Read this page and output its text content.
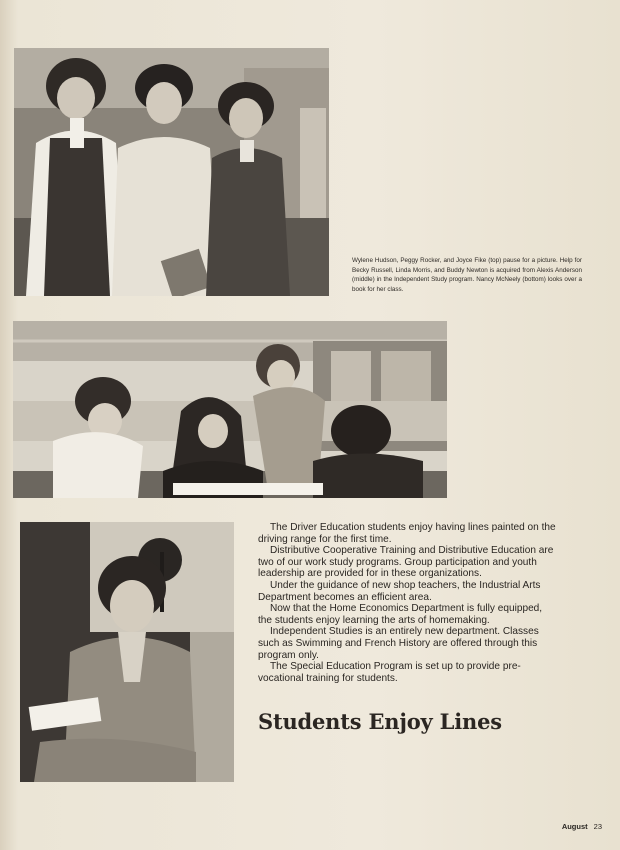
Wylene Hudson, Peggy Rocker, and Joyce Fike (top) pause for a picture. Help for Becky Russell, Linda Morris, and Buddy Newton is acquired from Alexis Anderson (middle) in the Independent Study program. Nancy McNeely (bottom) looks over a book for her class.

The Driver Education students enjoy having lines painted on the driving range for the first time.

Distributive Cooperative Training and Distributive Education are two of our work study programs. Group participation and youth leadership are provided for in these organizations.

Under the guidance of new shop teachers, the Industrial Arts Department becomes an efficient area.

Now that the Home Economics Department is fully equipped, the students enjoy learning the arts of homemaking.

Independent Studies is an entirely new department. Classes such as Swimming and French History are offered through this program only.

The Special Education Program is set up to provide pre-vocational training for students.

Students Enjoy Lines
August 23
